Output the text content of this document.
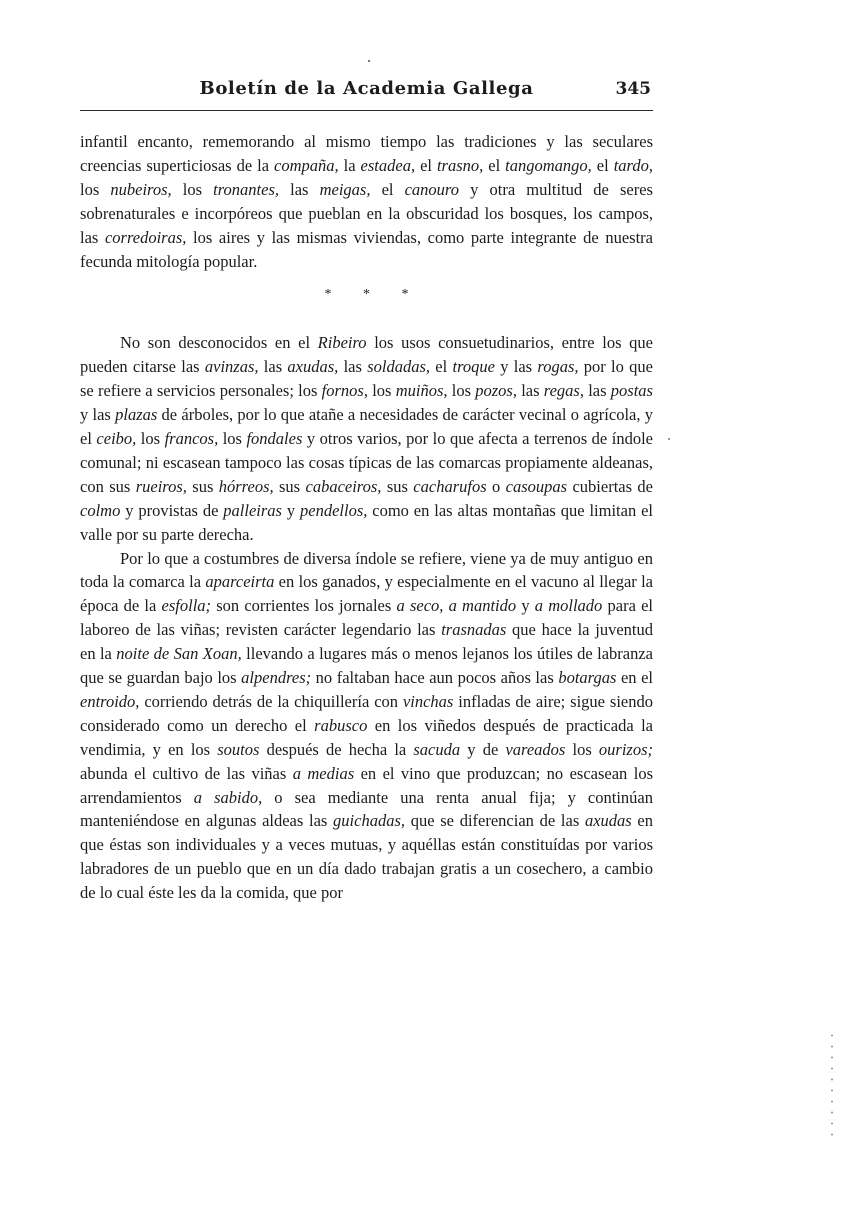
Boletín de la Academia Gallega	345

infantil encanto, rememorando al mismo tiempo las tradiciones y las seculares creencias superticiosas de la compaña, la estadea, el trasno, el tangomango, el tardo, los nubeiros, los tronantes, las meigas, el canouro y otra multitud de seres sobrenaturales e incorpóreos que pueblan en la obscuridad los bosques, los campos, las corredoiras, los aires y las mismas viviendas, como parte integrante de nuestra fecunda mitología popular.

* * *

No son desconocidos en el Ribeiro los usos consuetudinarios, entre los que pueden citarse las avinzas, las axudas, las soldadas, el troque y las rogas, por lo que se refiere a servicios personales; los fornos, los muiños, los pozos, las regas, las postas y las plazas de árboles, por lo que atañe a necesidades de carácter vecinal o agrícola, y el ceibo, los francos, los fondales y otros varios, por lo que afecta a terrenos de índole comunal; ni escasean tampoco las cosas típicas de las comarcas propiamente aldeanas, con sus rueiros, sus hórreos, sus cabaceiros, sus cacharufos o casoupas cubiertas de colmo y provistas de palleiras y pendellos, como en las altas montañas que limitan el valle por su parte derecha.

Por lo que a costumbres de diversa índole se refiere, viene ya de muy antiguo en toda la comarca la aparceirta en los ganados, y especialmente en el vacuno al llegar la época de la esfolla; son corrientes los jornales a seco, a mantido y a mollado para el laboreo de las viñas; revisten carácter legendario las trasnadas que hace la juventud en la noite de San Xoan, llevando a lugares más o menos lejanos los útiles de labranza que se guardan bajo los alpendres; no faltaban hace aun pocos años las botargas en el entroido, corriendo detrás de la chiquillería con vinchas infladas de aire; sigue siendo considerado como un derecho el rabusco en los viñedos después de practicada la vendimia, y en los soutos después de hecha la sacuda y de vareados los ourizos; abunda el cultivo de las viñas a medias en el vino que produzcan; no escasean los arrendamientos a sabido, o sea mediante una renta anual fija; y continúan manteniéndose en algunas aldeas las guichadas, que se diferencian de las axudas en que éstas son individuales y a veces mutuas, y aquéllas están constituídas por varios labradores de un pueblo que en un día dado trabajan gratis a un cosechero, a cambio de lo cual éste les da la comida, que por
